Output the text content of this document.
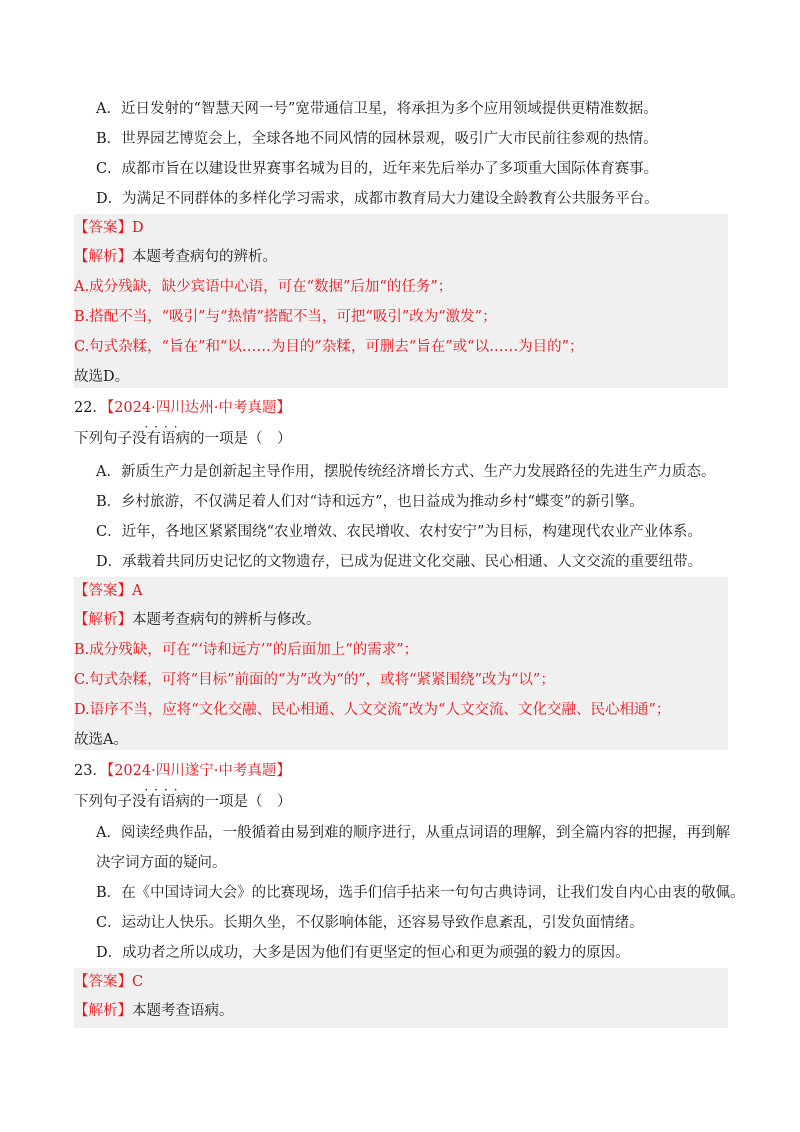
A．近日发射的“智慧天网一号”宽带通信卫星，将承担为多个应用领域提供更精准数据。
B．世界园艺博览会上，全球各地不同风情的园林景观，吸引广大市民前往参观的热情。
C．成都市旨在以建设世界赛事名城为目的，近年来先后举办了多项重大国际体育赛事。
D．为满足不同群体的多样化学习需求，成都市教育局大力建设全龄教育公共服务平台。
【答案】D
【解析】本题考查病句的辨析。
A.成分残缺，缺少宾语中心语，可在“数据”后加“的任务”；
B.搭配不当，“吸引”与“热情”搭配不当，可把“吸引”改为“激发”；
C.句式杂糅，“旨在”和“以……为目的”杂糅，可删去“旨在”或“以……为目的”；
故选D。
22．【2024·四川达州·中考真题】
下列句子
· · · ·
没有语病的一项是（　）
A．新质生产力是创新起主导作用，摆脱传统经济增长方式、生产力发展路径的先进生产力质态。
B．乡村旅游，不仅满足着人们对“诗和远方”，也日益成为推动乡村“蝶变”的新引擎。
C．近年，各地区紧紧围绕“农业增效、农民增收、农村安宁”为目标，构建现代农业产业体系。
D．承载着共同历史记忆的文物遗存，已成为促进文化交融、民心相通、人文交流的重要纽带。
【答案】A
【解析】本题考查病句的辨析与修改。
B.成分残缺，可在“‘诗和远方’”的后面加上“的需求”；
C.句式杂糅，可将“目标”前面的“为”改为“的”，或将“紧紧围绕”改为“以”；
D.语序不当，应将“文化交融、民心相通、人文交流”改为“人文交流、文化交融、民心相通”；
故选A。
23．【2024·四川遂宁·中考真题】
下列句子
· · · ·
没有语病的一项是（　）
A．阅读经典作品，一般循着由易到难的顺序进行，从重点词语的理解，到全篇内容的把握，再到解
决字词方面的疑问。
B．在《中国诗词大会》的比赛现场，选手们信手拈来一句句古典诗词，让我们发自内心由衷的敬佩。
C．运动让人快乐。长期久坐，不仅影响体能，还容易导致作息紊乱，引发负面情绪。
D．成功者之所以成功，大多是因为他们有更坚定的恒心和更为顽强的毅力的原因。
【答案】C
【解析】本题考查语病。
